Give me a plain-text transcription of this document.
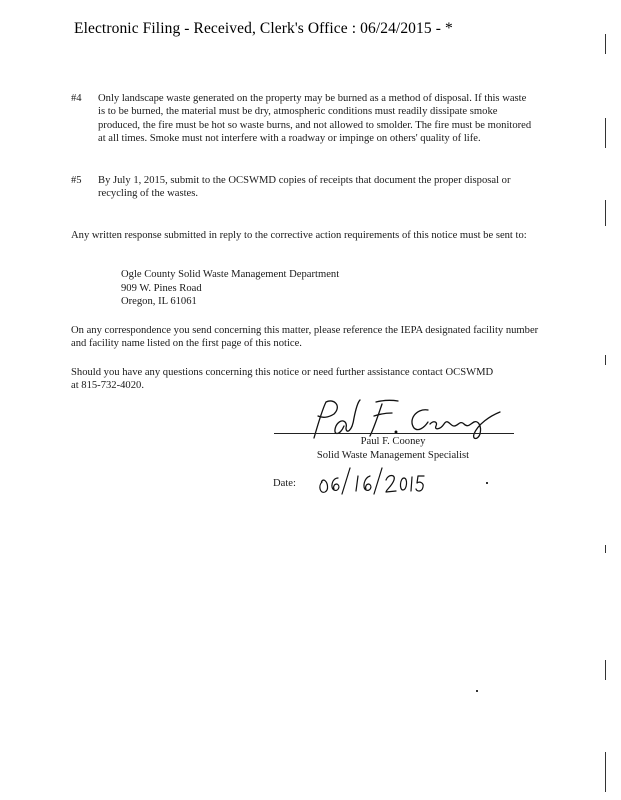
Electronic Filing - Received, Clerk's Office : 06/24/2015 - *
#4 Only landscape waste generated on the property may be burned as a method of disposal. If this waste is to be burned, the material must be dry, atmospheric conditions must readily dissipate smoke produced, the fire must be hot so waste burns, and not allowed to smolder. The fire must be monitored at all times. Smoke must not interfere with a roadway or impinge on others' quality of life.
#5 By July 1, 2015, submit to the OCSWMD copies of receipts that document the proper disposal or recycling of the wastes.
Any written response submitted in reply to the corrective action requirements of this notice must be sent to:
Ogle County Solid Waste Management Department
909 W. Pines Road
Oregon, IL 61061
On any correspondence you send concerning this matter, please reference the IEPA designated facility number and facility name listed on the first page of this notice.
Should you have any questions concerning this notice or need further assistance contact OCSWMD at 815-732-4020.
Paul F. Cooney
Solid Waste Management Specialist
Date:
